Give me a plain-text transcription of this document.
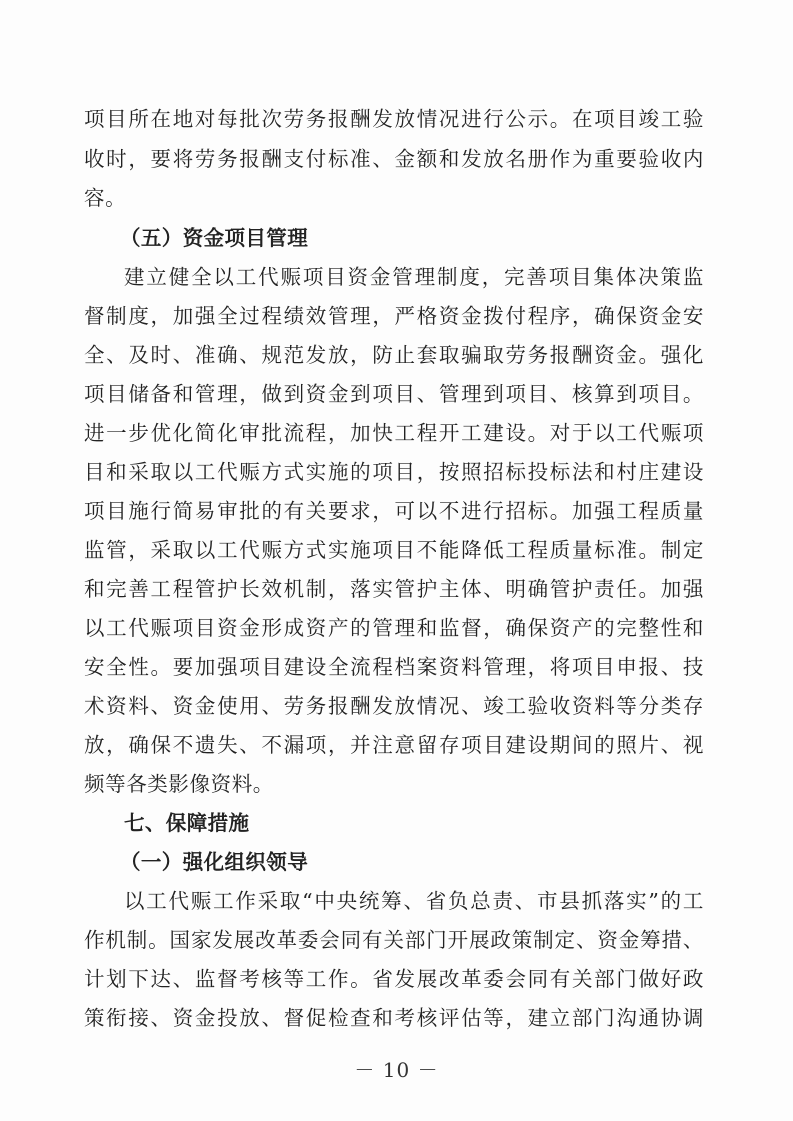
项目所在地对每批次劳务报酬发放情况进行公示。在项目竣工验
收时，要将劳务报酬支付标准、金额和发放名册作为重要验收内
容。
（五）资金项目管理
建立健全以工代赈项目资金管理制度，完善项目集体决策监
督制度，加强全过程绩效管理，严格资金拨付程序，确保资金安
全、及时、准确、规范发放，防止套取骗取劳务报酬资金。强化
项目储备和管理，做到资金到项目、管理到项目、核算到项目。
进一步优化简化审批流程，加快工程开工建设。对于以工代赈项
目和采取以工代赈方式实施的项目，按照招标投标法和村庄建设
项目施行简易审批的有关要求，可以不进行招标。加强工程质量
监管，采取以工代赈方式实施项目不能降低工程质量标准。制定
和完善工程管护长效机制，落实管护主体、明确管护责任。加强
以工代赈项目资金形成资产的管理和监督，确保资产的完整性和
安全性。要加强项目建设全流程档案资料管理，将项目申报、技
术资料、资金使用、劳务报酬发放情况、竣工验收资料等分类存
放，确保不遗失、不漏项，并注意留存项目建设期间的照片、视
频等各类影像资料。
七、保障措施
（一）强化组织领导
以工代赈工作采取“中央统筹、省负总责、市县抓落实”的工
作机制。国家发展改革委会同有关部门开展政策制定、资金筹措、
计划下达、监督考核等工作。省发展改革委会同有关部门做好政
策衔接、资金投放、督促检查和考核评估等，建立部门沟通协调
－ 10 －
